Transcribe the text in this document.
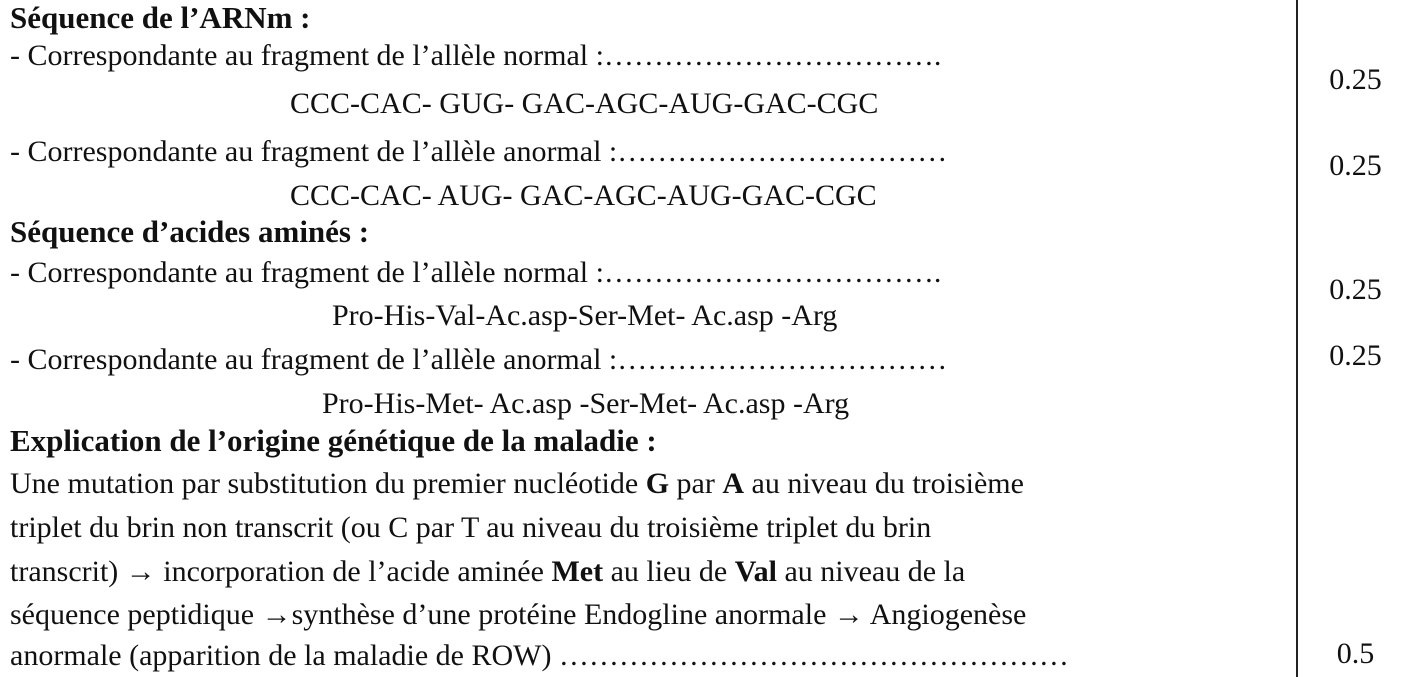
Séquence de l’ARNm :
- Correspondante au fragment de l’allèle normal :…………………………….
CCC-CAC- GUG- GAC-AGC-AUG-GAC-CGC
- Correspondante au fragment de l’allèle anormal :……………………………
CCC-CAC- AUG- GAC-AGC-AUG-GAC-CGC
Séquence d’acides aminés :
- Correspondante au fragment de l’allèle normal :…………………………….
Pro-His-Val-Ac.asp-Ser-Met- Ac.asp -Arg
- Correspondante au fragment de l’allèle anormal :……………………………
Pro-His-Met- Ac.asp -Ser-Met- Ac.asp -Arg
Explication de l’origine génétique de la maladie :
Une mutation par substitution du premier nucléotide G par A au niveau du troisième
triplet du brin non transcrit (ou C par T au niveau du troisième triplet du brin
transcrit) → incorporation de l’acide aminée Met au lieu de Val au niveau de la
séquence peptidique →synthèse d’une protéine Endogline anormale → Angiogenèse
anormale (apparition de la maladie de ROW) ……………………………………………
0.25
0.25
0.25
0.25
0.5
